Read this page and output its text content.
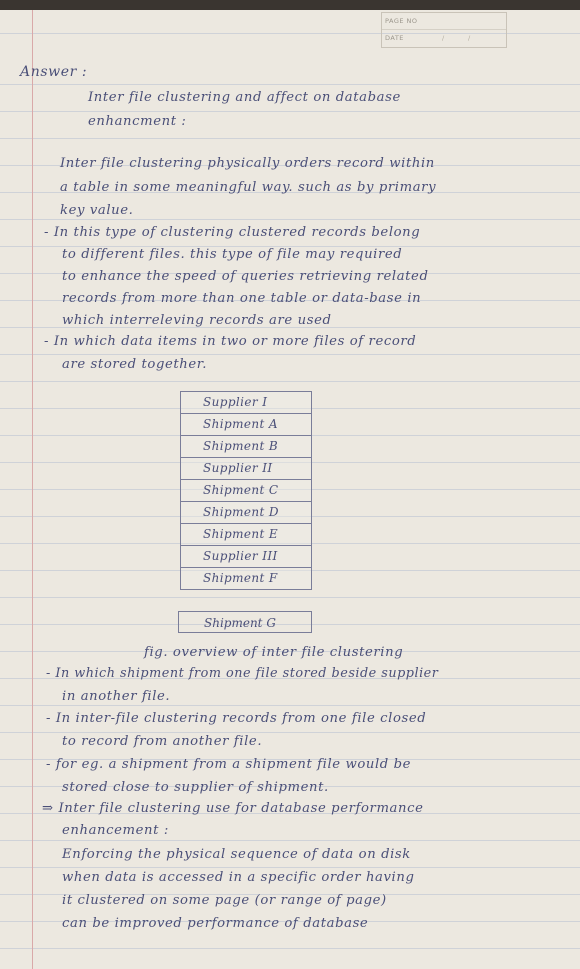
PAGE NO
DATE	/	/
Answer :
Inter file clustering and affect on database
enhancment :
Inter file clustering physically orders record within
a table in some meaningful way. such as by primary
key value.
- In this type of clustering clustered records belong
to different files. this type of file may required
to enhance the speed of queries retrieving related
records from more than one table or data-base in
which interreleving records are used
- In which data items in two or more files of record
are stored together.
Supplier I
Shipment A
Shipment B
Supplier II
Shipment C
Shipment D
Shipment E
Supplier III
Shipment F
Shipment G
fig. overview of inter file clustering
- In which shipment from one file stored beside supplier
in another file.
- In inter-file clustering records from one file closed
to record from another file.
- for eg. a shipment from a shipment file would be
stored close to supplier of shipment.
⇒ Inter file clustering use for database performance
enhancement :
Enforcing the physical sequence of data on disk
when data is accessed in a specific order having
it clustered on some page (or range of page)
can be improved performance of database
